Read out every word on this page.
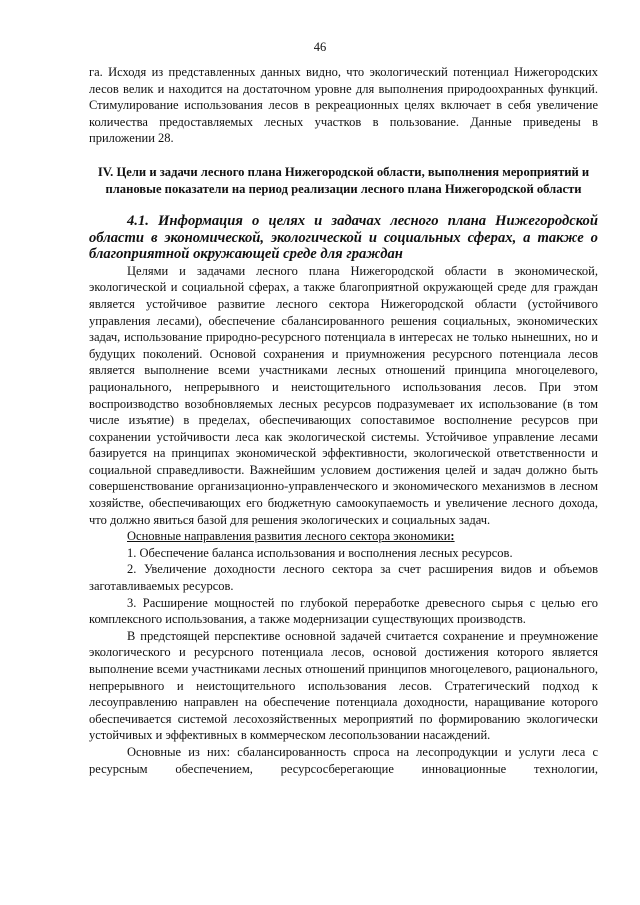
46

га. Исходя из представленных данных видно, что экологический потенциал Нижегородских лесов велик и находится на достаточном уровне для выполнения природоохранных функций. Стимулирование использования лесов в рекреационных целях включает в себя увеличение количества предоставляемых лесных участков в пользование. Данные приведены в приложении 28.

IV. Цели и задачи лесного плана Нижегородской области, выполнения мероприятий и плановые показатели на период реализации лесного плана Нижегородской области
4.1. Информация о целях и задачах лесного плана Нижегородской области в экономической, экологической и социальных сферах, а также о благоприятной окружающей среде для граждан

Целями и задачами лесного плана Нижегородской области в экономической, экологической и социальной сферах, а также благоприятной окружающей среде для граждан является устойчивое развитие лесного сектора Нижегородской области (устойчивого управления лесами), обеспечение сбалансированного решения социальных, экономических задач, использование природно-ресурсного потенциала в интересах не только нынешних, но и будущих поколений. Основой сохранения и приумножения ресурсного потенциала лесов является выполнение всеми участниками лесных отношений принципа многоцелевого, рационального, непрерывного и неистощительного использования лесов. При этом воспроизводство возобновляемых лесных ресурсов подразумевает их использование (в том числе изъятие) в пределах, обеспечивающих сопоставимое восполнение ресурсов при сохранении устойчивости леса как экологической системы. Устойчивое управление лесами базируется на принципах экономической эффективности, экологической ответственности и социальной справедливости. Важнейшим условием достижения целей и задач должно быть совершенствование организационно-управленческого и экономического механизмов в лесном хозяйстве, обеспечивающих его бюджетную самоокупаемость и увеличение лесного дохода, что должно явиться базой для решения экологических и социальных задач.

Основные направления развития лесного сектора экономики:

1. Обеспечение баланса использования и восполнения лесных ресурсов.

2. Увеличение доходности лесного сектора за счет расширения видов и объемов заготавливаемых ресурсов.

3. Расширение мощностей по глубокой переработке древесного сырья с целью его комплексного использования, а также модернизации существующих производств.

В предстоящей перспективе основной задачей считается сохранение и преумножение экологического и ресурсного потенциала лесов, основой достижения которого является выполнение всеми участниками лесных отношений принципов многоцелевого, рационального, непрерывного и неистощительного использования лесов. Стратегический подход к лесоуправлению направлен на обеспечение потенциала доходности, наращивание которого обеспечивается системой лесохозяйственных мероприятий по формированию экологически устойчивых и эффективных в коммерческом лесопользовании насаждений.

Основные из них: сбалансированность спроса на лесопродукции и услуги леса с ресурсным обеспечением, ресурсосберегающие инновационные технологии,
